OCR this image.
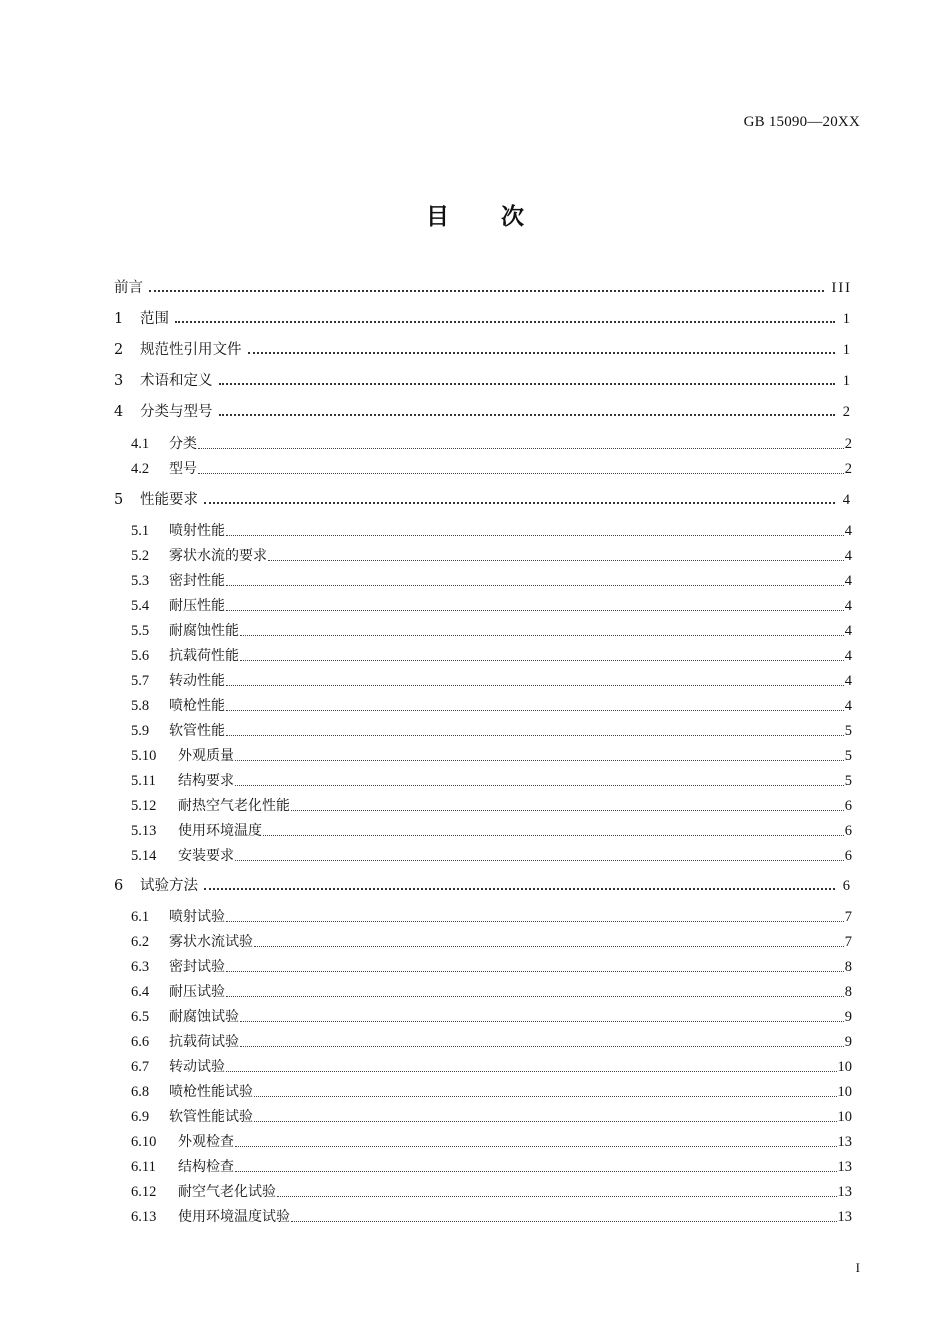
GB 15090—20XX
目 次
前言	III
1	范围	1
2	规范性引用文件	1
3	术语和定义	1
4	分类与型号	2
4.1	分类	2
4.2	型号	2
5	性能要求	4
5.1	喷射性能	4
5.2	雾状水流的要求	4
5.3	密封性能	4
5.4	耐压性能	4
5.5	耐腐蚀性能	4
5.6	抗载荷性能	4
5.7	转动性能	4
5.8	喷枪性能	4
5.9	软管性能	5
5.10	外观质量	5
5.11	结构要求	5
5.12	耐热空气老化性能	6
5.13	使用环境温度	6
5.14	安装要求	6
6	试验方法	6
6.1	喷射试验	7
6.2	雾状水流试验	7
6.3	密封试验	8
6.4	耐压试验	8
6.5	耐腐蚀试验	9
6.6	抗载荷试验	9
6.7	转动试验	10
6.8	喷枪性能试验	10
6.9	软管性能试验	10
6.10	外观检查	13
6.11	结构检查	13
6.12	耐空气老化试验	13
6.13	使用环境温度试验	13
I
